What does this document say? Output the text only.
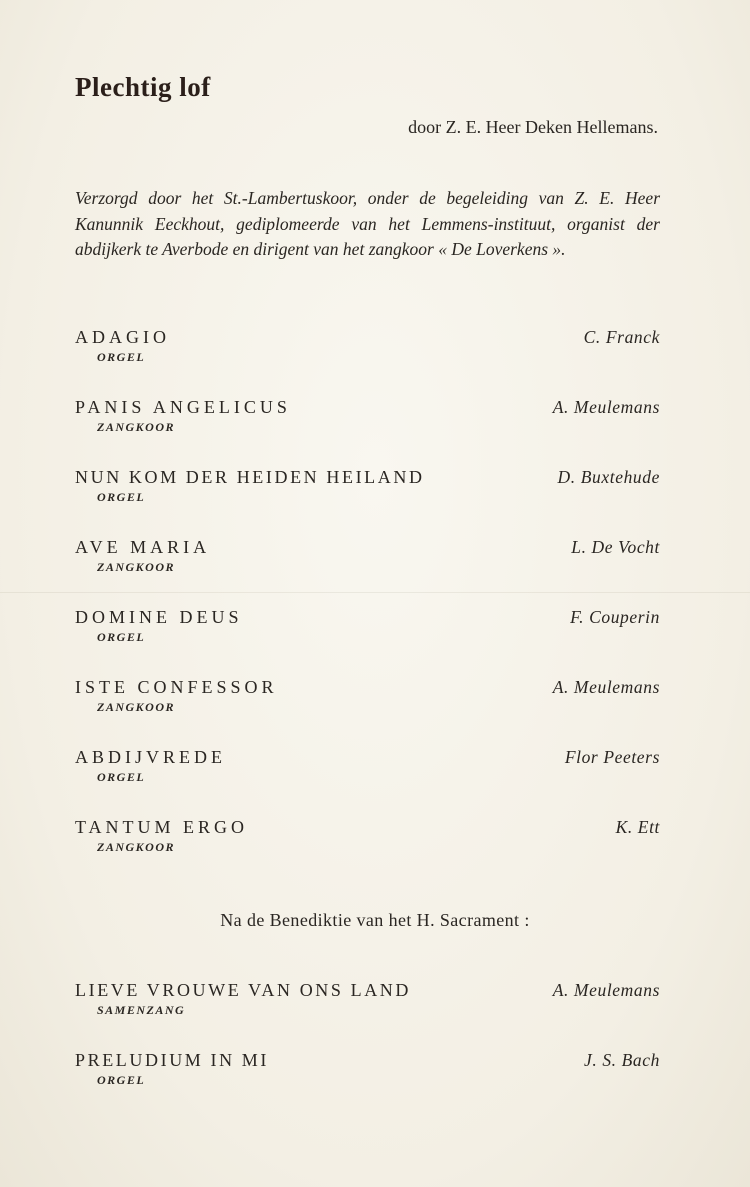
Plechtig lof
door Z. E. Heer Deken Hellemans.
Verzorgd door het St.-Lambertuskoor, onder de begeleiding van Z. E. Heer Kanunnik Eeckhout, gediplomeerde van het Lemmens-instituut, organist der abdijkerk te Averbode en dirigent van het zangkoor « De Loverkens ».
ADAGIO	C. Franck
ORGEL
PANIS ANGELICUS	A. Meulemans
ZANGKOOR
NUN KOM DER HEIDEN HEILAND	D. Buxtehude
ORGEL
AVE MARIA	L. De Vocht
ZANGKOOR
DOMINE DEUS	F. Couperin
ORGEL
ISTE CONFESSOR	A. Meulemans
ZANGKOOR
ABDIJVREDE	Flor Peeters
ORGEL
TANTUM ERGO	K. Ett
ZANGKOOR
Na de Benediktie van het H. Sacrament :
LIEVE VROUWE VAN ONS LAND	A. Meulemans
SAMENZANG
PRELUDIUM IN MI	J. S. Bach
ORGEL
